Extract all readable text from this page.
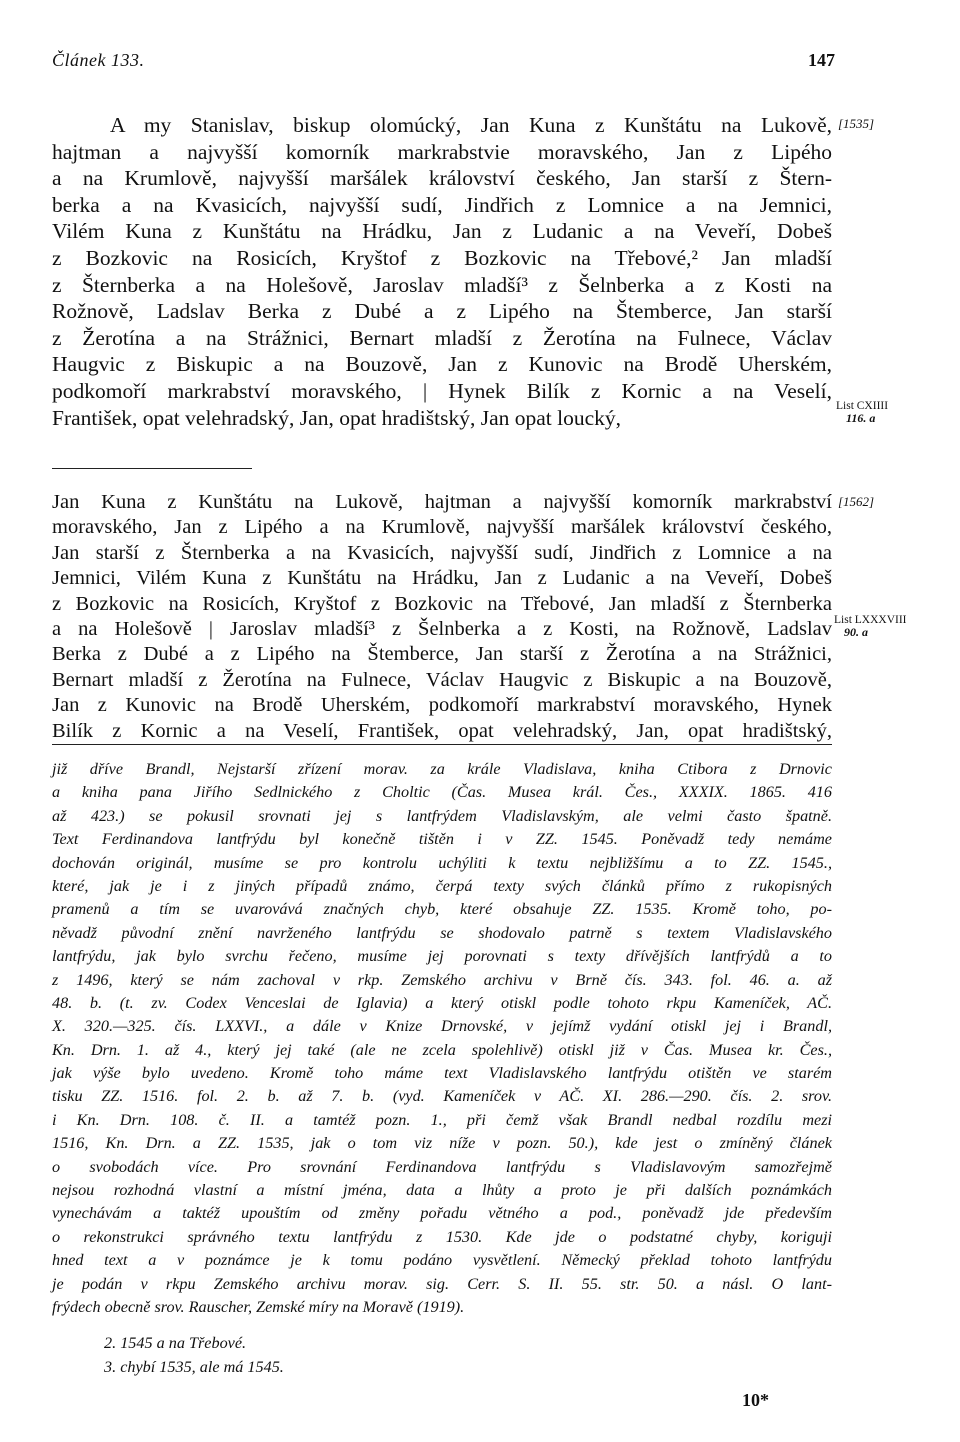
Článek 133.	147
A my Stanislav, biskup olomúcký, Jan Kuna z Kunštátu na Lukově,
hajtman a najvyšší komorník markrabstvie moravského, Jan z Lipého
a na Krumlově, najvyšší maršálek království českého, Jan starší z Štern-
berka a na Kvasicích, najvyšší sudí, Jindřich z Lomnice a na Jemnici,
Vilém Kuna z Kunštátu na Hrádku, Jan z Ludanic a na Veveří, Dobeš
z Bozkovic na Rosicích, Kryštof z Bozkovic na Třebové,² Jan mladší
z Šternberka a na Holešově, Jaroslav mladší³ z Šelnberka a z Kosti na
Rožnově, Ladslav Berka z Dubé a z Lipého na Štemberce, Jan starší
z Žerotína a na Strážnici, Bernart mladší z Žerotína na Fulnece, Václav
Haugvic z Biskupic a na Bouzově, Jan z Kunovic na Brodě Uherském,
podkomoří markrabství moravského, | Hynek Bilík z Kornic a na Veselí,
František, opat velehradský, Jan, opat hradištský, Jan opat loucký,
[1535]
List CXIIII
116. a
Jan Kuna z Kunštátu na Lukově, hajtman a najvyšší komorník markrabství
moravského, Jan z Lipého a na Krumlově, najvyšší maršálek království českého,
Jan starší z Šternberka a na Kvasicích, najvyšší sudí, Jindřich z Lomnice a na
Jemnici, Vilém Kuna z Kunštátu na Hrádku, Jan z Ludanic a na Veveří, Dobeš
z Bozkovic na Rosicích, Kryštof z Bozkovic na Třebové, Jan mladší z Šternberka
a na Holešově | Jaroslav mladší³ z Šelnberka a z Kosti, na Rožnově, Ladslav
Berka z Dubé a z Lipého na Štemberce, Jan starší z Žerotína a na Strážnici,
Bernart mladší z Žerotína na Fulnece, Václav Haugvic z Biskupic a na Bouzově,
Jan z Kunovic na Brodě Uherském, podkomoří markrabství moravského, Hynek
Bilík z Kornic a na Veselí, František, opat velehradský, Jan, opat hradištský,
[1562]
List LXXXVIII
90. a
již dříve Brandl, Nejstarší zřízení morav. za krále Vladislava, kniha Ctibora z Drnovic
a kniha pana Jiřího Sedlnického z Choltic (Čas. Musea král. Čes., XXXIX. 1865. 416
až 423.) se pokusil srovnati jej s lantfrýdem Vladislavským, ale velmi často špatně.
Text Ferdinandova lantfrýdu byl konečně tištěn i v ZZ. 1545. Poněvadž tedy nemáme
dochován originál, musíme se pro kontrolu uchýliti k textu nejbližšímu a to ZZ. 1545.,
které, jak je i z jiných případů známo, čerpá texty svých článků přímo z rukopisných
pramenů a tím se uvarovává značných chyb, které obsahuje ZZ. 1535. Kromě toho, po-
něvadž původní znění navrženého lantfrýdu se shodovalo patrně s textem Vladislavského
lantfrýdu, jak bylo svrchu řečeno, musíme jej porovnati s texty dřívějších lantfrýdů a to
z 1496, který se nám zachoval v rkp. Zemského archivu v Brně čís. 343. fol. 46. a. až
48. b. (t. zv. Codex Venceslai de Iglavia) a který otiskl podle tohoto rkpu Kameníček, AČ.
X. 320.—325. čís. LXXVI., a dále v Knize Drnovské, v jejímž vydání otiskl jej i Brandl,
Kn. Drn. 1. až 4., který jej také (ale ne zcela spolehlivě) otiskl již v Čas. Musea kr. Čes.,
jak výše bylo uvedeno. Kromě toho máme text Vladislavského lantfrýdu otištěn ve starém
tisku ZZ. 1516. fol. 2. b. až 7. b. (vyd. Kameníček v AČ. XI. 286.—290. čís. 2. srov.
i Kn. Drn. 108. č. II. a tamtéž pozn. 1., při čemž však Brandl nedbal rozdílu mezi
1516, Kn. Drn. a ZZ. 1535, jak o tom viz níže v pozn. 50.), kde jest o zmíněný článek
o svobodách více. Pro srovnání Ferdinandova lantfrýdu s Vladislavovým samozřejmě
nejsou rozhodná vlastní a místní jména, data a lhůty a proto je při dalších poznámkách
vynechávám a taktéž upouštím od změny pořadu větného a pod., poněvadž jde především
o rekonstrukci správného textu lantfrýdu z 1530. Kde jde o podstatné chyby, koriguji
hned text a v poznámce je k tomu podáno vysvětlení. Německý překlad tohoto lantfrýdu
je podán v rkpu Zemského archivu morav. sig. Cerr. S. II. 55. str. 50. a násl. O lant-
frýdech obecně srov. Rauscher, Zemské míry na Moravě (1919).
2. 1545 a na Třebové.
3. chybí 1535, ale má 1545.
10*
